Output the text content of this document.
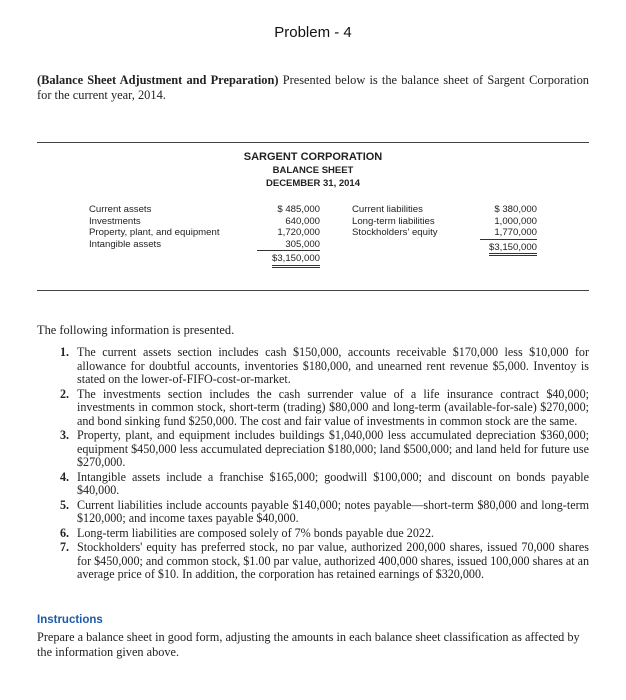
Problem - 4
(Balance Sheet Adjustment and Preparation) Presented below is the balance sheet of Sargent Corporation for the current year, 2014.
SARGENT CORPORATION
BALANCE SHEET
DECEMBER 31, 2014
Current assets
Investments
Property, plant, and equipment
Intangible assets
$ 485,000
640,000
1,720,000
305,000
$3,150,000
Current liabilities
Long-term liabilities
Stockholders' equity
$ 380,000
1,000,000
1,770,000
$3,150,000
The following information is presented.
1. The current assets section includes cash $150,000, accounts receivable $170,000 less $10,000 for allowance for doubtful accounts, inventories $180,000, and unearned rent revenue $5,000. Inventoy is stated on the lower-of-FIFO-cost-or-market.
2. The investments section includes the cash surrender value of a life insurance contract $40,000; investments in common stock, short-term (trading) $80,000 and long-term (available-for-sale) $270,000; and bond sinking fund $250,000. The cost and fair value of investments in common stock are the same.
3. Property, plant, and equipment includes buildings $1,040,000 less accumulated depreciation $360,000; equipment $450,000 less accumulated depreciation $180,000; land $500,000; and land held for future use $270,000.
4. Intangible assets include a franchise $165,000; goodwill $100,000; and discount on bonds payable $40,000.
5. Current liabilities include accounts payable $140,000; notes payable—short-term $80,000 and long-term $120,000; and income taxes payable $40,000.
6. Long-term liabilities are composed solely of 7% bonds payable due 2022.
7. Stockholders' equity has preferred stock, no par value, authorized 200,000 shares, issued 70,000 shares for $450,000; and common stock, $1.00 par value, authorized 400,000 shares, issued 100,000 shares at an average price of $10. In addition, the corporation has retained earnings of $320,000.
Instructions
Prepare a balance sheet in good form, adjusting the amounts in each balance sheet classification as affected by the information given above.
